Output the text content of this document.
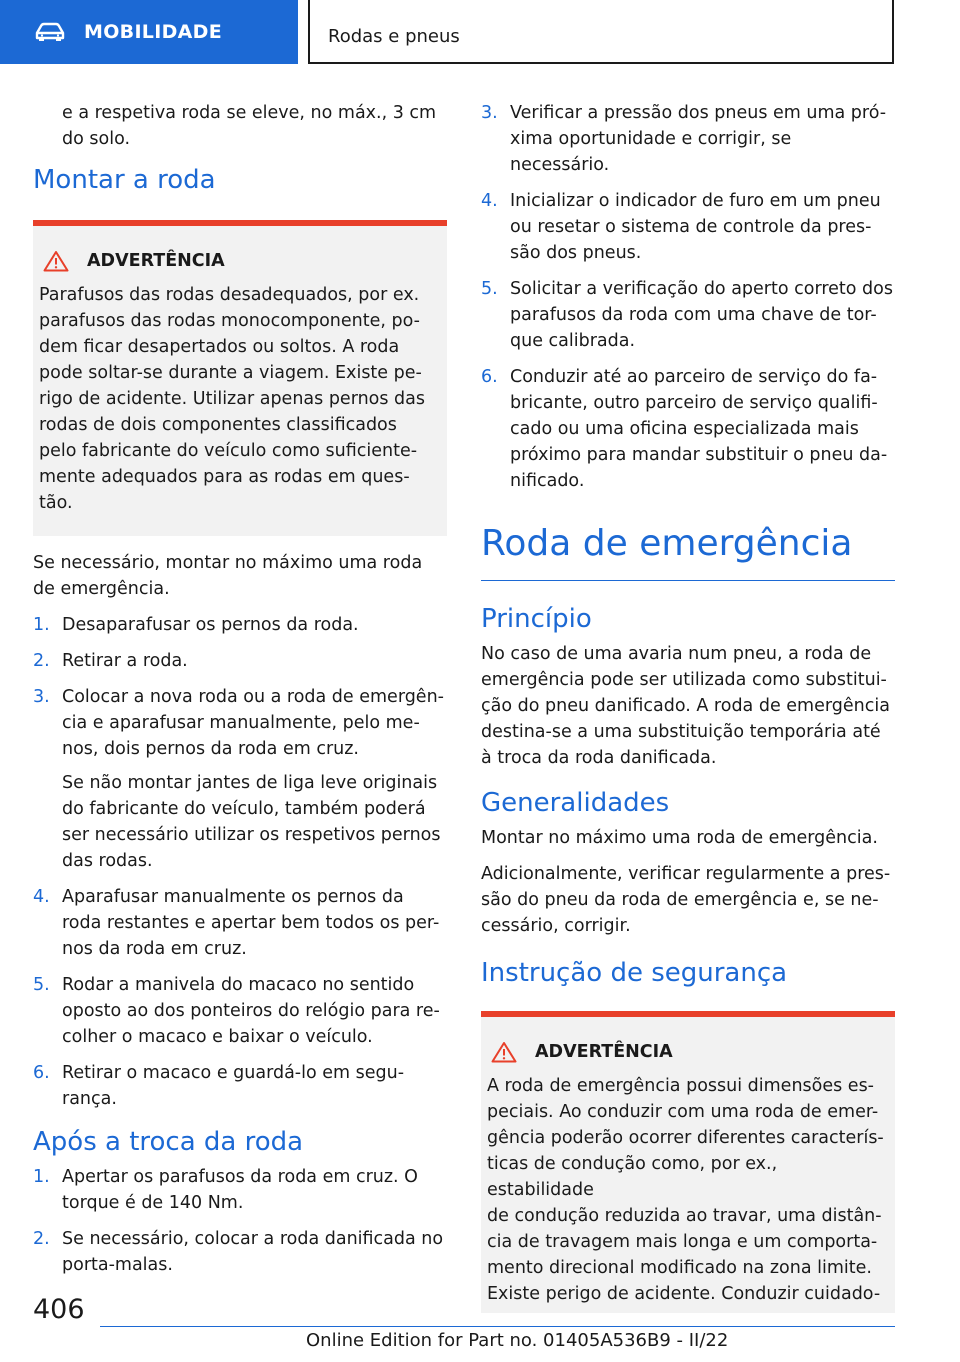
MOBILIDADE	Rodas e pneus

e a respetiva roda se eleve, no máx., 3 cm
do solo.

Montar a roda
ADVERTÊNCIA

Parafusos das rodas desadequados, por ex.
parafusos das rodas monocomponente, po-
dem ficar desapertados ou soltos. A roda
pode soltar-se durante a viagem. Existe pe-
rigo de acidente. Utilizar apenas pernos das
rodas de dois componentes classificados
pelo fabricante do veículo como suficiente-
mente adequados para as rodas em ques-
tão.

Se necessário, montar no máximo uma roda
de emergência.

1. Desaparafusar os pernos da roda.
2. Retirar a roda.
3. Colocar a nova roda ou a roda de emergên-
cia e aparafusar manualmente, pelo me-
nos, dois pernos da roda em cruz.
Se não montar jantes de liga leve originais
do fabricante do veículo, também poderá
ser necessário utilizar os respetivos pernos
das rodas.
4. Aparafusar manualmente os pernos da
roda restantes e apertar bem todos os per-
nos da roda em cruz.
5. Rodar a manivela do macaco no sentido
oposto ao dos ponteiros do relógio para re-
colher o macaco e baixar o veículo.
6. Retirar o macaco e guardá-lo em segu-
rança.
Após a troca da roda
1. Apertar os parafusos da roda em cruz. O
torque é de 140 Nm.
2. Se necessário, colocar a roda danificada no
porta-malas.
3. Verificar a pressão dos pneus em uma pró-
xima oportunidade e corrigir, se necessário.
4. Inicializar o indicador de furo em um pneu
ou resetar o sistema de controle da pres-
são dos pneus.
5. Solicitar a verificação do aperto correto dos
parafusos da roda com uma chave de tor-
que calibrada.
6. Conduzir até ao parceiro de serviço do fa-
bricante, outro parceiro de serviço qualifi-
cado ou uma oficina especializada mais
próximo para mandar substituir o pneu da-
nificado.
Roda de emergência
Princípio

No caso de uma avaria num pneu, a roda de
emergência pode ser utilizada como substitui-
ção do pneu danificado. A roda de emergência
destina-se a uma substituição temporária até
à troca da roda danificada.

Generalidades

Montar no máximo uma roda de emergência.

Adicionalmente, verificar regularmente a pres-
são do pneu da roda de emergência e, se ne-
cessário, corrigir.

Instrução de segurança
ADVERTÊNCIA

A roda de emergência possui dimensões es-
peciais. Ao conduzir com uma roda de emer-
gência poderão ocorrer diferentes caracterís-
ticas de condução como, por ex., estabilidade
de condução reduzida ao travar, uma distân-
cia de travagem mais longa e um comporta-
mento direcional modificado na zona limite.
Existe perigo de acidente. Conduzir cuidado-

406
Online Edition for Part no. 01405A536B9 - II/22
